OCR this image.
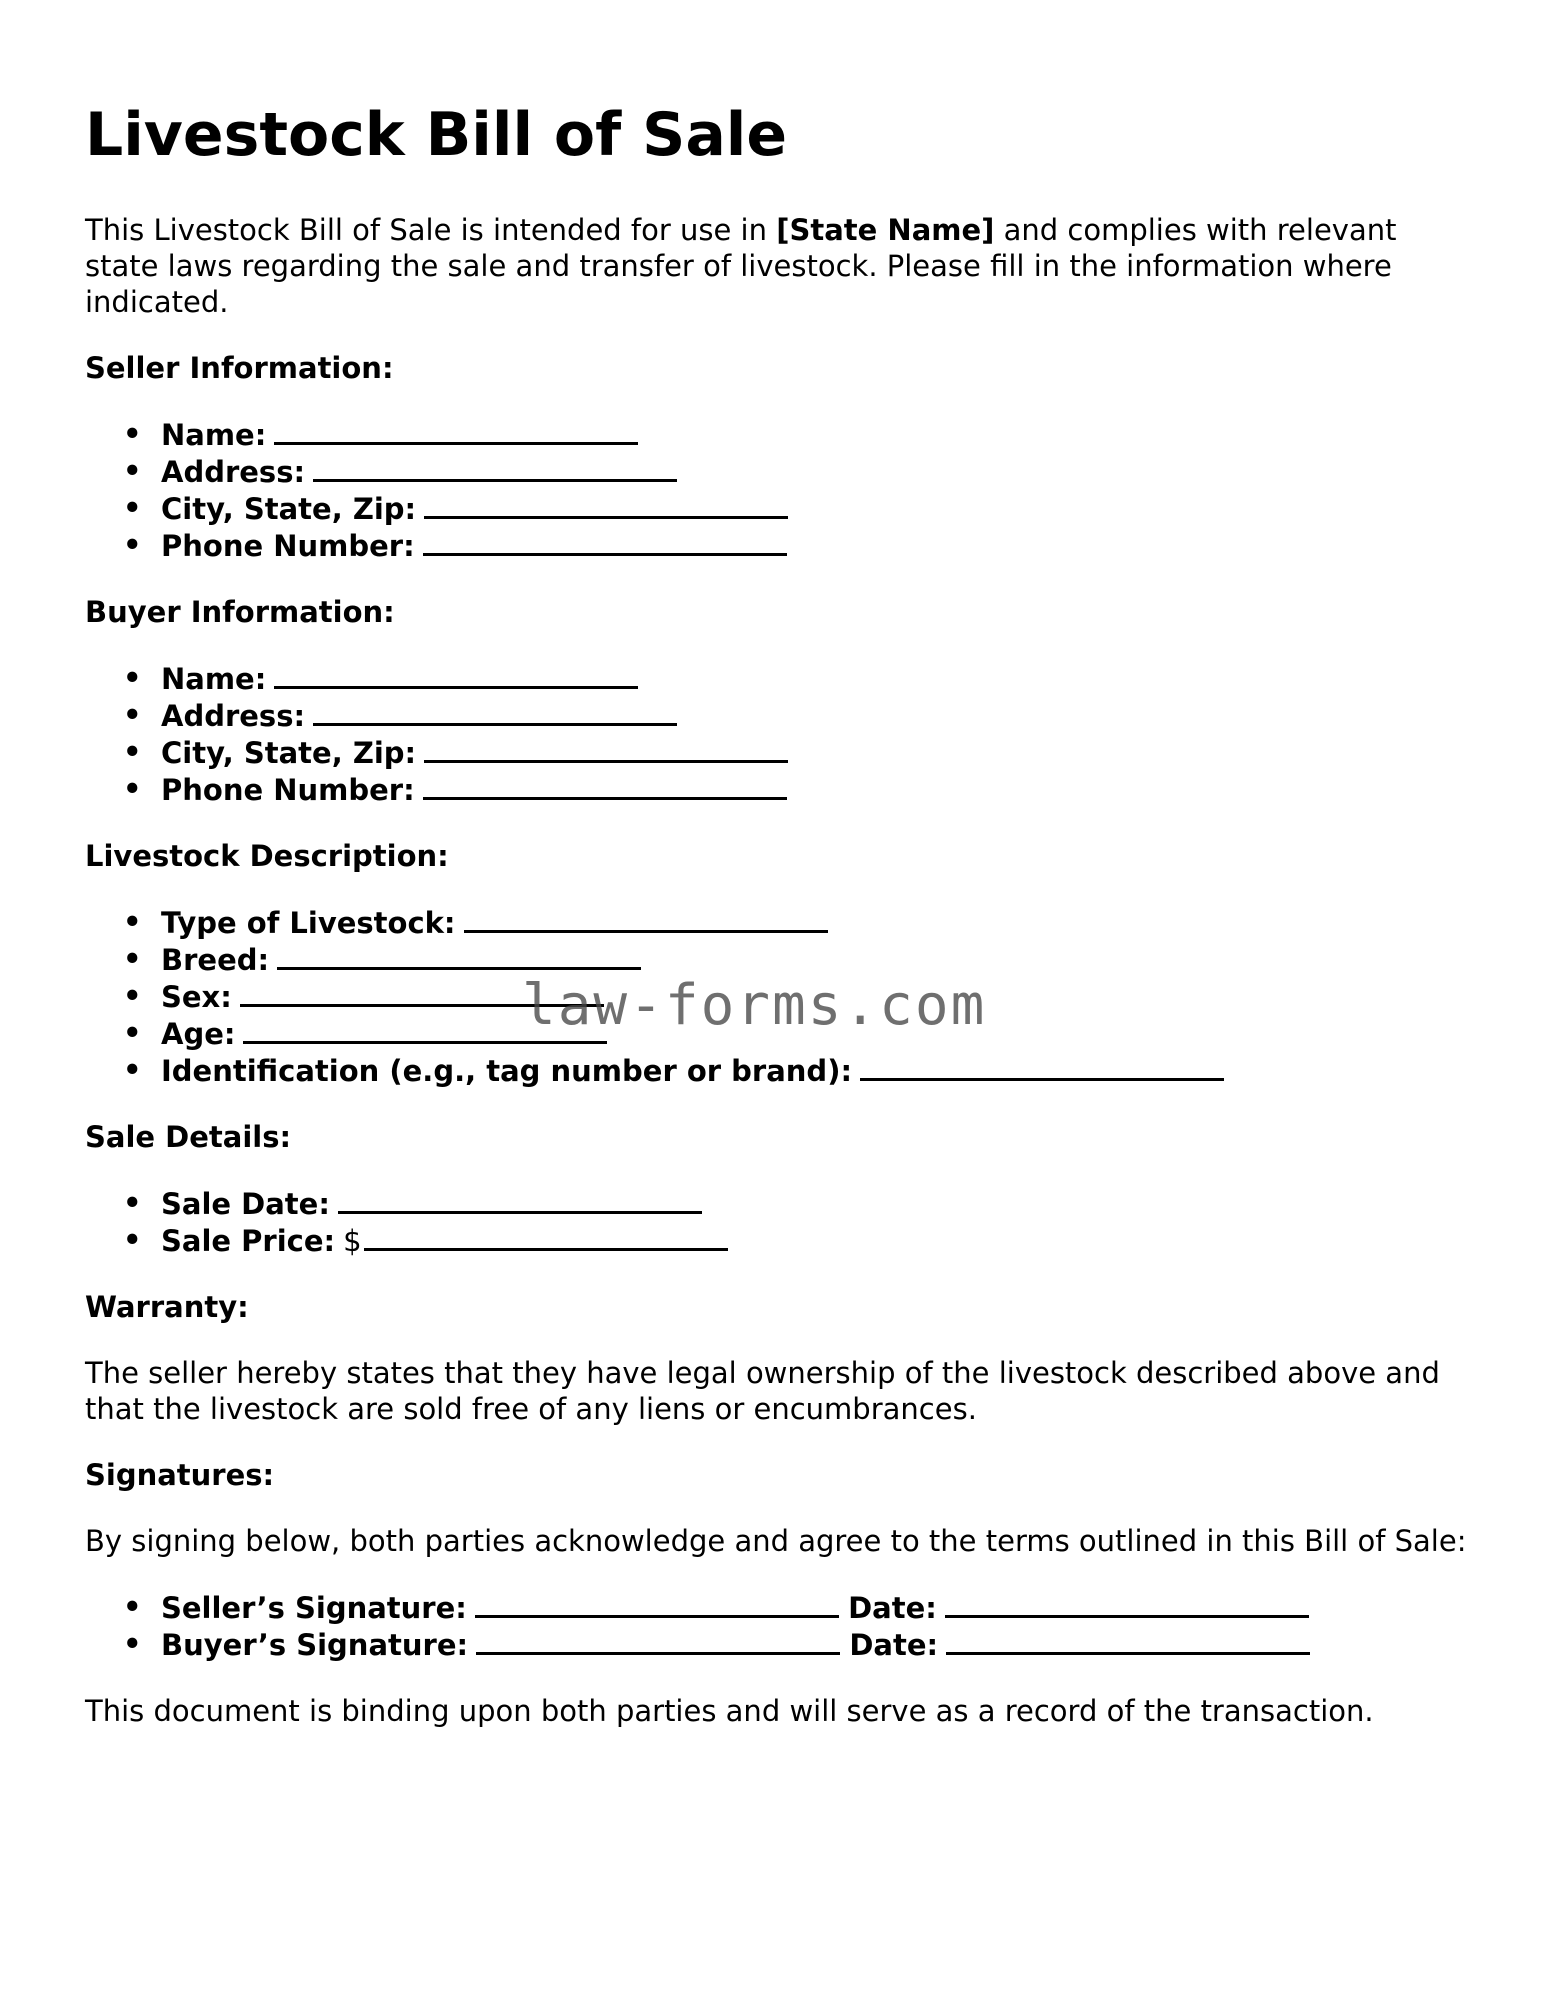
Livestock Bill of Sale

This Livestock Bill of Sale is intended for use in [State Name] and complies with relevant state laws regarding the sale and transfer of livestock. Please fill in the information where indicated.

Seller Information:
• Name:
• Address:
• City, State, Zip:
• Phone Number:
Buyer Information:
• Name:
• Address:
• City, State, Zip:
• Phone Number:
Livestock Description:
• Type of Livestock:
• Breed:
• Sex:
• Age:
• Identification (e.g., tag number or brand):
Sale Details:
• Sale Date:
• Sale Price: $
Warranty:

The seller hereby states that they have legal ownership of the livestock described above and that the livestock are sold free of any liens or encumbrances.

Signatures:

By signing below, both parties acknowledge and agree to the terms outlined in this Bill of Sale:

• Seller’s Signature:	Date:
• Buyer’s Signature:	Date:

This document is binding upon both parties and will serve as a record of the transaction.

law-forms.com
